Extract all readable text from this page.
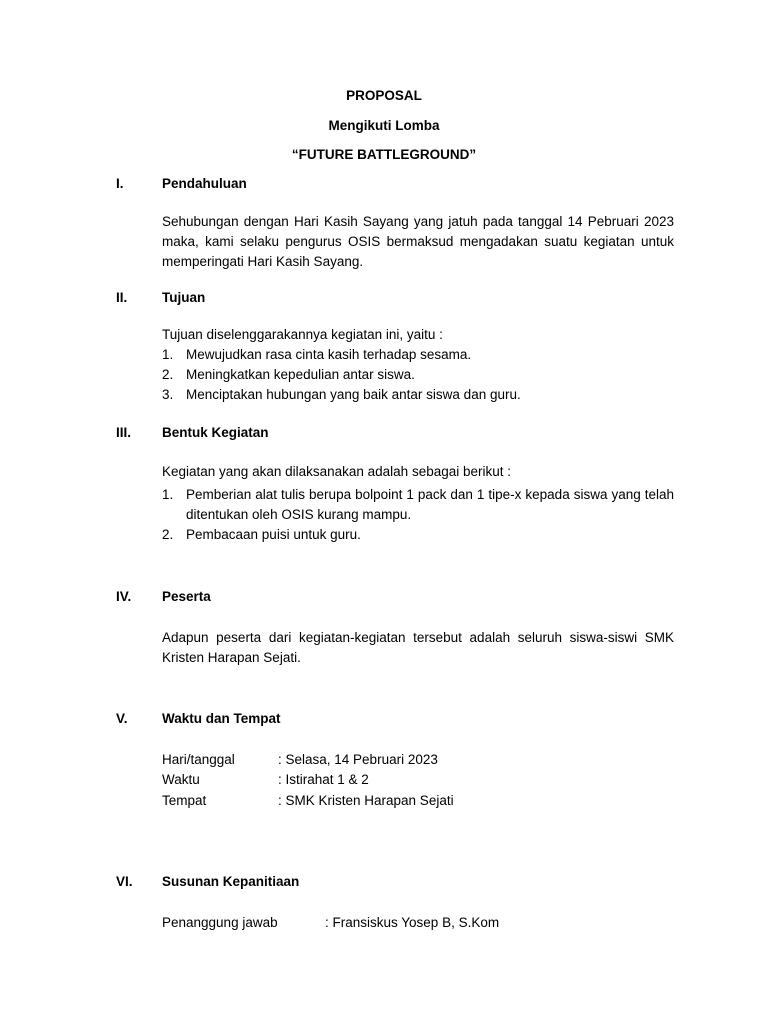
PROPOSAL
Mengikuti Lomba
“FUTURE BATTLEGROUND”
I.	Pendahuluan
Sehubungan dengan Hari Kasih Sayang yang jatuh pada tanggal 14 Pebruari 2023 maka, kami selaku pengurus OSIS bermaksud mengadakan suatu kegiatan untuk memperingati Hari Kasih Sayang.
II.	Tujuan
Tujuan diselenggarakannya kegiatan ini, yaitu :
1. Mewujudkan rasa cinta kasih terhadap sesama.
2. Meningkatkan kepedulian antar siswa.
3. Menciptakan hubungan yang baik antar siswa dan guru.
III. Bentuk Kegiatan
Kegiatan yang akan dilaksanakan adalah sebagai berikut :
1. Pemberian alat tulis berupa bolpoint 1 pack dan 1 tipe-x kepada siswa yang telah ditentukan oleh OSIS kurang mampu.
2. Pembacaan puisi untuk guru.
IV. Peserta
Adapun peserta dari kegiatan-kegiatan tersebut adalah seluruh siswa-siswi SMK Kristen Harapan Sejati.
V.	Waktu dan Tempat
Hari/tanggal	: Selasa, 14 Pebruari 2023
Waktu	: Istirahat 1 & 2
Tempat	: SMK Kristen Harapan Sejati
VI. Susunan Kepanitiaan
Penanggung jawab	: Fransiskus Yosep B, S.Kom
